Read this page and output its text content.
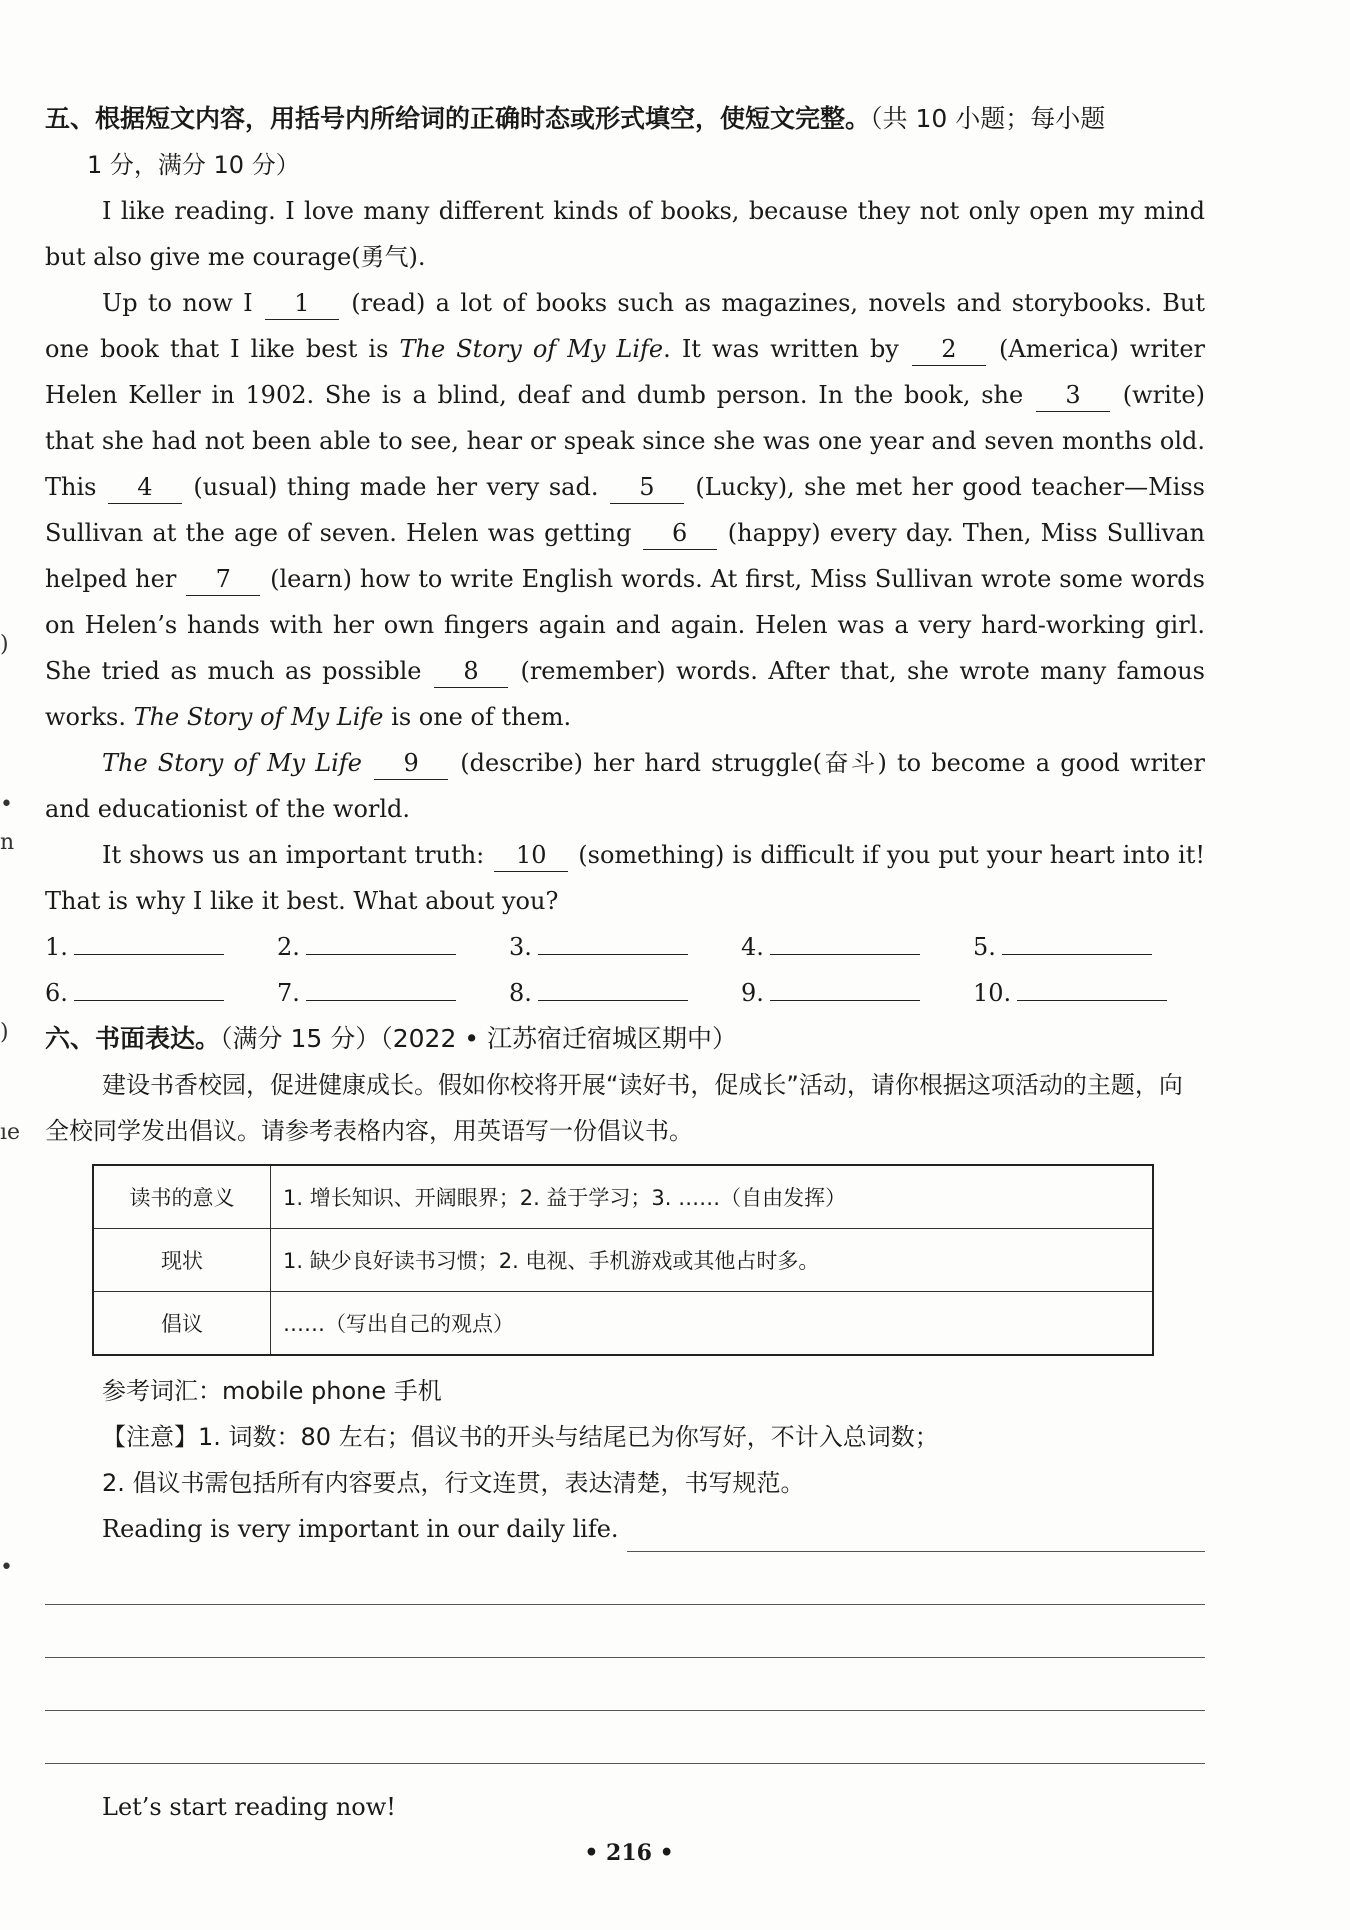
)
•
n
)
ıe
•
五、根据短文内容，用括号内所给词的正确时态或形式填空，使短文完整。（共 10 小题；每小题
1 分，满分 10 分）

I like reading. I love many different kinds of books, because they not only open my mind but also give me courage(勇气).

Up to now I 1 (read) a lot of books such as magazines, novels and storybooks. But one book that I like best is The Story of My Life. It was written by 2 (America) writer Helen Keller in 1902. She is a blind, deaf and dumb person. In the book, she 3 (write) that she had not been able to see, hear or speak since she was one year and seven months old. This 4 (usual) thing made her very sad. 5 (Lucky), she met her good teacher—Miss Sullivan at the age of seven. Helen was getting 6 (happy) every day. Then, Miss Sullivan helped her 7 (learn) how to write English words. At first, Miss Sullivan wrote some words on Helen’s hands with her own fingers again and again. Helen was a very hard-working girl. She tried as much as possible 8 (remember) words. After that, she wrote many famous works. The Story of My Life is one of them.

The Story of My Life 9 (describe) her hard struggle(奋斗) to become a good writer and educationist of the world.

It shows us an important truth: 10 (something) is difficult if you put your heart into it! That is why I like it best. What about you?

1.	2.	3.	4.	5.
6.	7.	8.	9.	10.
六、书面表达。（满分 15 分）（2022 • 江苏宿迁宿城区期中）
建设书香校园，促进健康成长。假如你校将开展“读好书，促成长”活动，请你根据这项活动的主题，向全校同学发出倡议。请参考表格内容，用英语写一份倡议书。
读书的意义	1. 增长知识、开阔眼界；2. 益于学习；3. ……（自由发挥）
现状	1. 缺少良好读书习惯；2. 电视、手机游戏或其他占时多。
倡议	……（写出自己的观点）
参考词汇：mobile phone 手机
【注意】1. 词数：80 左右；倡议书的开头与结尾已为你写好，不计入总词数；
2. 倡议书需包括所有内容要点，行文连贯，表达清楚，书写规范。
Reading is very important in our daily life.
Let’s start reading now!
• 216 •
